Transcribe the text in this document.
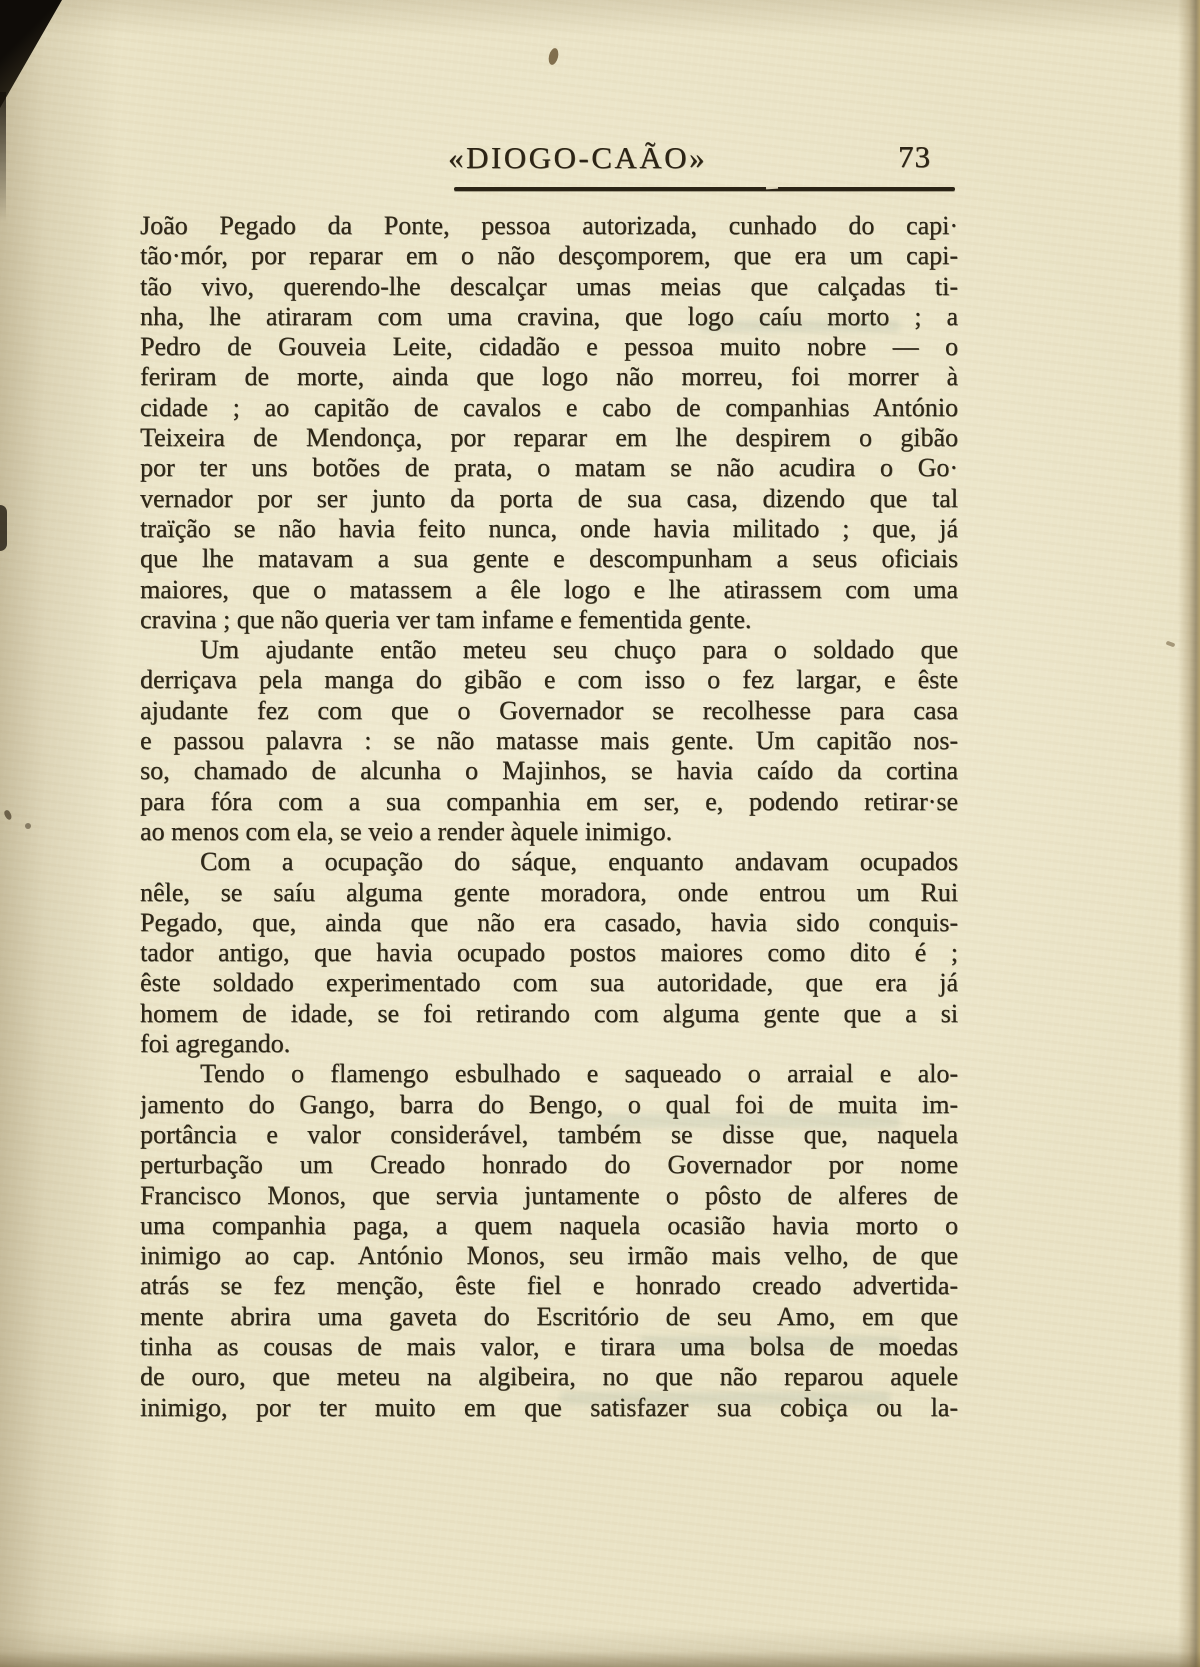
«DIOGO-CAÃO»	73
João Pegado da Ponte, pessoa autorizada, cunhado do capi·
tão·mór, por reparar em o não desçomporem, que era um capi-
tão vivo, querendo-lhe descalçar umas meias que calçadas ti-
nha, lhe atiraram com uma cravina, que logo caíu morto ; a
Pedro de Gouveia Leite, cidadão e pessoa muito nobre — o
feriram de morte, ainda que logo não morreu, foi morrer à
cidade ; ao capitão de cavalos e cabo de companhias António
Teixeira de Mendonça, por reparar em lhe despirem o gibão
por ter uns botões de prata, o matam se não acudira o Go·
vernador por ser junto da porta de sua casa, dizendo que tal
traïção se não havia feito nunca, onde havia militado ; que, já
que lhe matavam a sua gente e descompunham a seus oficiais
maiores, que o matassem a êle logo e lhe atirassem com uma
cravina ; que não queria ver tam infame e fementida gente.
Um ajudante então meteu seu chuço para o soldado que
derriçava pela manga do gibão e com isso o fez largar, e êste
ajudante fez com que o Governador se recolhesse para casa
e passou palavra : se não matasse mais gente. Um capitão nos-
so, chamado de alcunha o Majinhos, se havia caído da cortina
para fóra com a sua companhia em ser, e, podendo retirar·se
ao menos com ela, se veio a render àquele inimigo.
Com a ocupação do sáque, enquanto andavam ocupados
nêle, se saíu alguma gente moradora, onde entrou um Rui
Pegado, que, ainda que não era casado, havia sido conquis-
tador antigo, que havia ocupado postos maiores como dito é ;
êste soldado experimentado com sua autoridade, que era já
homem de idade, se foi retirando com alguma gente que a si
foi agregando.
Tendo o flamengo esbulhado e saqueado o arraial e alo-
jamento do Gango, barra do Bengo, o qual foi de muita im-
portância e valor considerável, também se disse que, naquela
perturbação um Creado honrado do Governador por nome
Francisco Monos, que servia juntamente o pôsto de alferes de
uma companhia paga, a quem naquela ocasião havia morto o
inimigo ao cap. António Monos, seu irmão mais velho, de que
atrás se fez menção, êste fiel e honrado creado advertida-
mente abrira uma gaveta do Escritório de seu Amo, em que
tinha as cousas de mais valor, e tirara uma bolsa de moedas
de ouro, que meteu na algibeira, no que não reparou aquele
inimigo, por ter muito em que satisfazer sua cobiça ou la-
